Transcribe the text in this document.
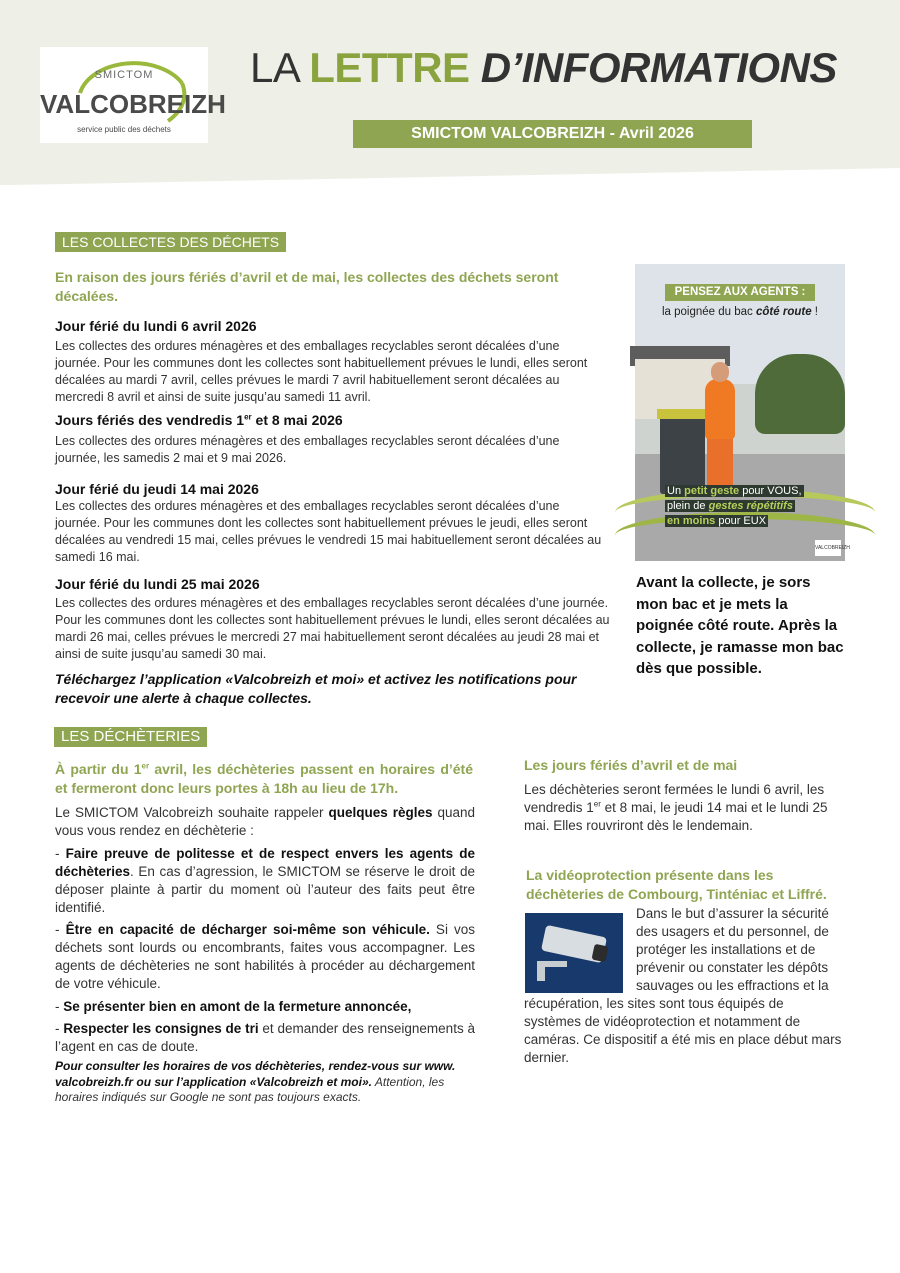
SMICTOM
VALCOBREIZH
service public des déchets
LA LETTRE D’INFORMATIONS
SMICTOM VALCOBREIZH - Avril 2026
LES COLLECTES DES DÉCHETS
En raison des jours fériés d’avril et de mai, les collectes des déchets seront décalées.
Jour férié du lundi 6 avril 2026
Les collectes des ordures ménagères et des emballages recyclables seront décalées d’une journée. Pour les communes dont les collectes sont habituellement prévues le lundi, elles seront décalées au mardi 7 avril, celles prévues le mardi 7 avril habituellement seront décalées au mercredi 8 avril et ainsi de suite jusqu’au samedi 11 avril.
Jours fériés des vendredis 1er et 8 mai 2026
Les collectes des ordures ménagères et des emballages recyclables seront décalées d’une journée, les samedis 2 mai et 9 mai 2026.
Jour férié du jeudi 14 mai 2026
Les collectes des ordures ménagères et des emballages recyclables seront décalées d’une journée. Pour les communes dont les collectes sont habituellement prévues le jeudi, elles seront décalées au vendredi 15 mai, celles prévues le vendredi 15 mai habituellement seront décalées au samedi 16 mai.
Jour férié du lundi 25 mai 2026
Les collectes des ordures ménagères et des emballages recyclables seront décalées d’une journée. Pour les communes dont les collectes sont habituellement prévues le lundi, elles seront décalées au mardi 26 mai, celles prévues le mercredi 27 mai habituellement seront décalées au jeudi 28 mai et ainsi de suite jusqu’au samedi 30 mai.
Téléchargez l’application «Valcobreizh et moi» et activez les notifications pour recevoir une alerte à chaque collectes.
PENSEZ AUX AGENTS :
la poignée du bac côté route !
Un petit geste pour VOUS,
plein de gestes répétitifs
en moins pour EUX
VALCOBREIZH
Avant la collecte, je sors mon bac et je mets la poignée côté route. Après la collecte, je ramasse mon bac dès que possible.
LES DÉCHÈTERIES
À partir du 1er avril, les déchèteries passent en horaires d’été et fermeront donc leurs portes à 18h au lieu de 17h.
Le SMICTOM Valcobreizh souhaite rappeler quelques règles quand vous vous rendez en déchèterie :
- Faire preuve de politesse et de respect envers les agents de déchèteries. En cas d’agression, le SMICTOM se réserve le droit de déposer plainte à partir du moment où l’auteur des faits peut être identifié.
- Être en capacité de décharger soi-même son véhicule. Si vos déchets sont lourds ou encombrants, faites vous accompagner. Les agents de déchèteries ne sont habilités à procéder au déchargement de votre véhicule.
- Se présenter bien en amont de la fermeture annoncée,
- Respecter les consignes de tri et demander des renseignements à l’agent en cas de doute.
Pour consulter les horaires de vos déchèteries, rendez-vous sur www. valcobreizh.fr ou sur l’application «Valcobreizh et moi». Attention, les horaires indiqués sur Google ne sont pas toujours exacts.
Les jours fériés d’avril et de mai
Les déchèteries seront fermées le lundi 6 avril, les vendredis 1er et 8 mai, le jeudi 14 mai et le lundi 25 mai. Elles rouvriront dès le lendemain.
La vidéoprotection présente dans les déchèteries de Combourg, Tinténiac et Liffré.
Dans le but d’assurer la sécurité des usagers et du personnel, de protéger les installations et de prévenir ou constater les dépôts sauvages ou les effractions et la récupération, les sites sont tous équipés de systèmes de vidéoprotection et notamment de caméras. Ce dispositif a été mis en place début mars dernier.
